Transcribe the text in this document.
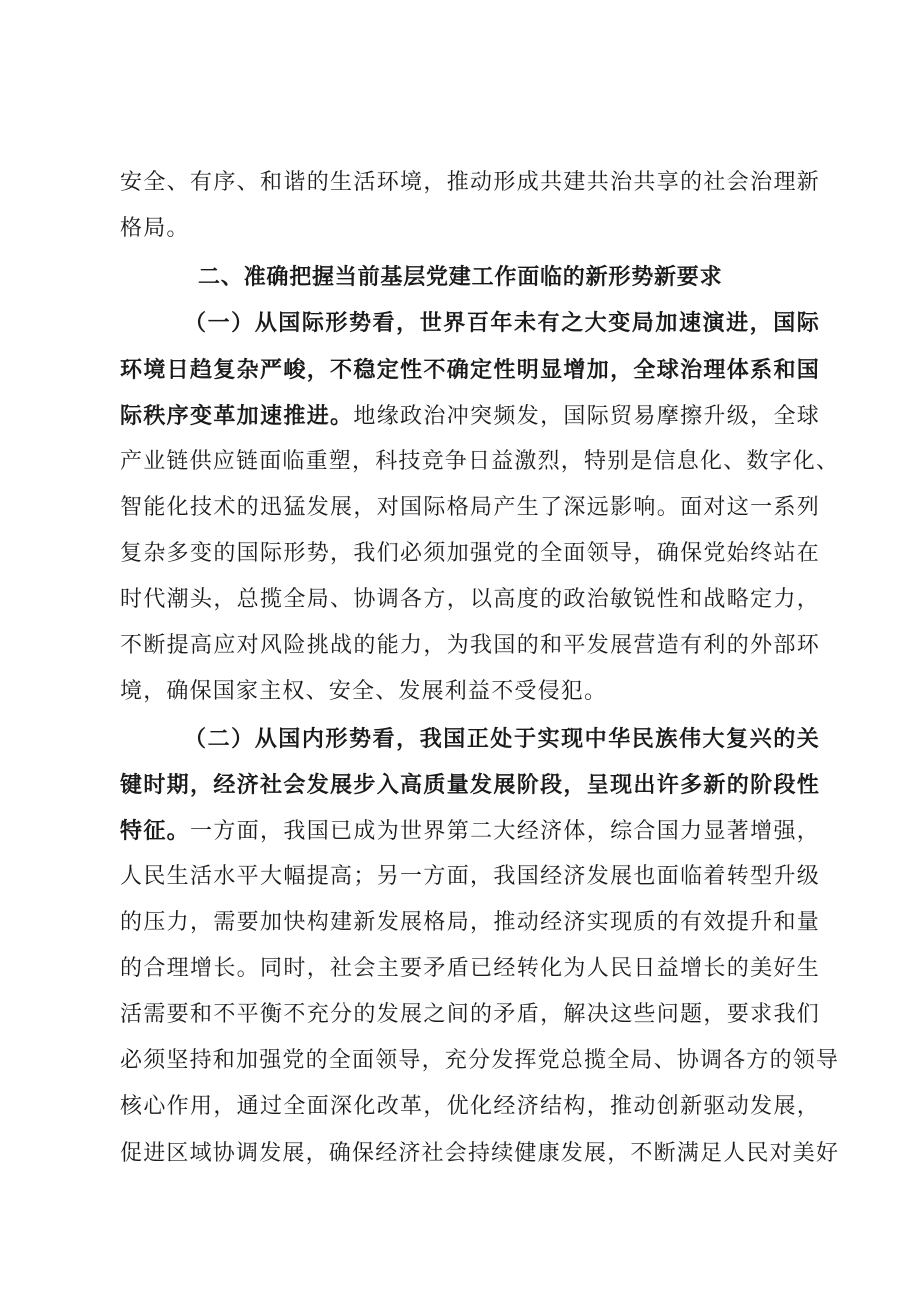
安全、有序、和谐的生活环境，推动形成共建共治共享的社会治理新
格局。
二、准确把握当前基层党建工作面临的新形势新要求
（一）从国际形势看，世界百年未有之大变局加速演进，国际
环境日趋复杂严峻，不稳定性不确定性明显增加，全球治理体系和国
际秩序变革加速推进。地缘政治冲突频发，国际贸易摩擦升级，全球
产业链供应链面临重塑，科技竞争日益激烈，特别是信息化、数字化、
智能化技术的迅猛发展，对国际格局产生了深远影响。面对这一系列
复杂多变的国际形势，我们必须加强党的全面领导，确保党始终站在
时代潮头，总揽全局、协调各方，以高度的政治敏锐性和战略定力，
不断提高应对风险挑战的能力，为我国的和平发展营造有利的外部环
境，确保国家主权、安全、发展利益不受侵犯。
（二）从国内形势看，我国正处于实现中华民族伟大复兴的关
键时期，经济社会发展步入高质量发展阶段，呈现出许多新的阶段性
特征。一方面，我国已成为世界第二大经济体，综合国力显著增强，
人民生活水平大幅提高；另一方面，我国经济发展也面临着转型升级
的压力，需要加快构建新发展格局，推动经济实现质的有效提升和量
的合理增长。同时，社会主要矛盾已经转化为人民日益增长的美好生
活需要和不平衡不充分的发展之间的矛盾，解决这些问题，要求我们
必须坚持和加强党的全面领导，充分发挥党总揽全局、协调各方的领导
核心作用，通过全面深化改革，优化经济结构，推动创新驱动发展，
促进区域协调发展，确保经济社会持续健康发展，不断满足人民对美好
